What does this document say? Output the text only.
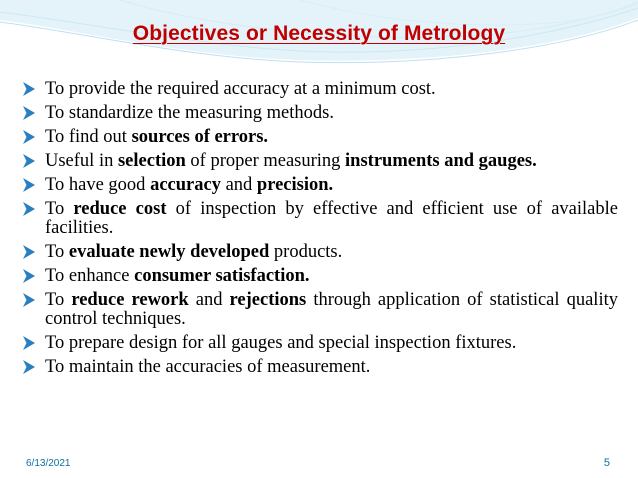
Objectives or Necessity of Metrology
To provide the required accuracy at a minimum cost.
To standardize the measuring methods.
To find out sources of errors.
Useful in selection of proper measuring instruments and gauges.
To have good accuracy and precision.
To reduce cost of inspection by effective and efficient use of available facilities.
To evaluate newly developed products.
To enhance consumer satisfaction.
To reduce rework and rejections through application of statistical quality control techniques.
To prepare design for all gauges and special inspection fixtures.
To maintain the accuracies of measurement.
6/13/2021	5
